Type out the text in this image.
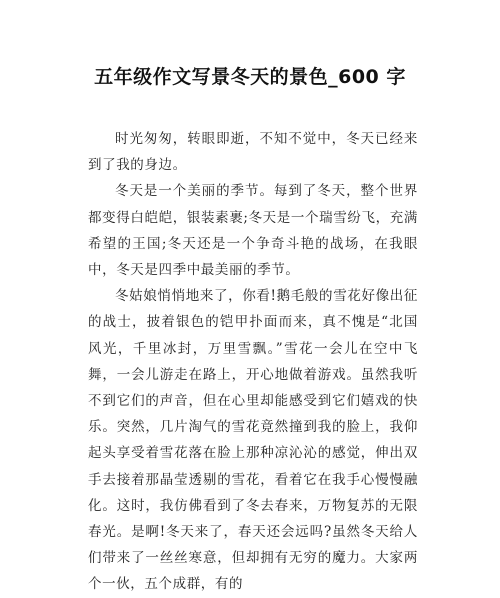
五年级作文写景冬天的景色_600 字

时光匆匆，转眼即逝，不知不觉中，冬天已经来到了我的身边。

冬天是一个美丽的季节。每到了冬天，整个世界都变得白皑皑，银装素裹;冬天是一个瑞雪纷飞，充满希望的王国;冬天还是一个争奇斗艳的战场，在我眼中，冬天是四季中最美丽的季节。

冬姑娘悄悄地来了，你看!鹅毛般的雪花好像出征的战士，披着银色的铠甲扑面而来，真不愧是“北国风光，千里冰封，万里雪飘。”雪花一会儿在空中飞舞，一会儿游走在路上，开心地做着游戏。虽然我听不到它们的声音，但在心里却能感受到它们嬉戏的快乐。突然，几片淘气的雪花竟然撞到我的脸上，我仰起头享受着雪花落在脸上那种凉沁沁的感觉，伸出双手去接着那晶莹透剔的雪花，看着它在我手心慢慢融化。这时，我仿佛看到了冬去春来，万物复苏的无限春光。是啊!冬天来了，春天还会远吗?虽然冬天给人们带来了一丝丝寒意，但却拥有无穷的魔力。大家两个一伙，五个成群，有的
